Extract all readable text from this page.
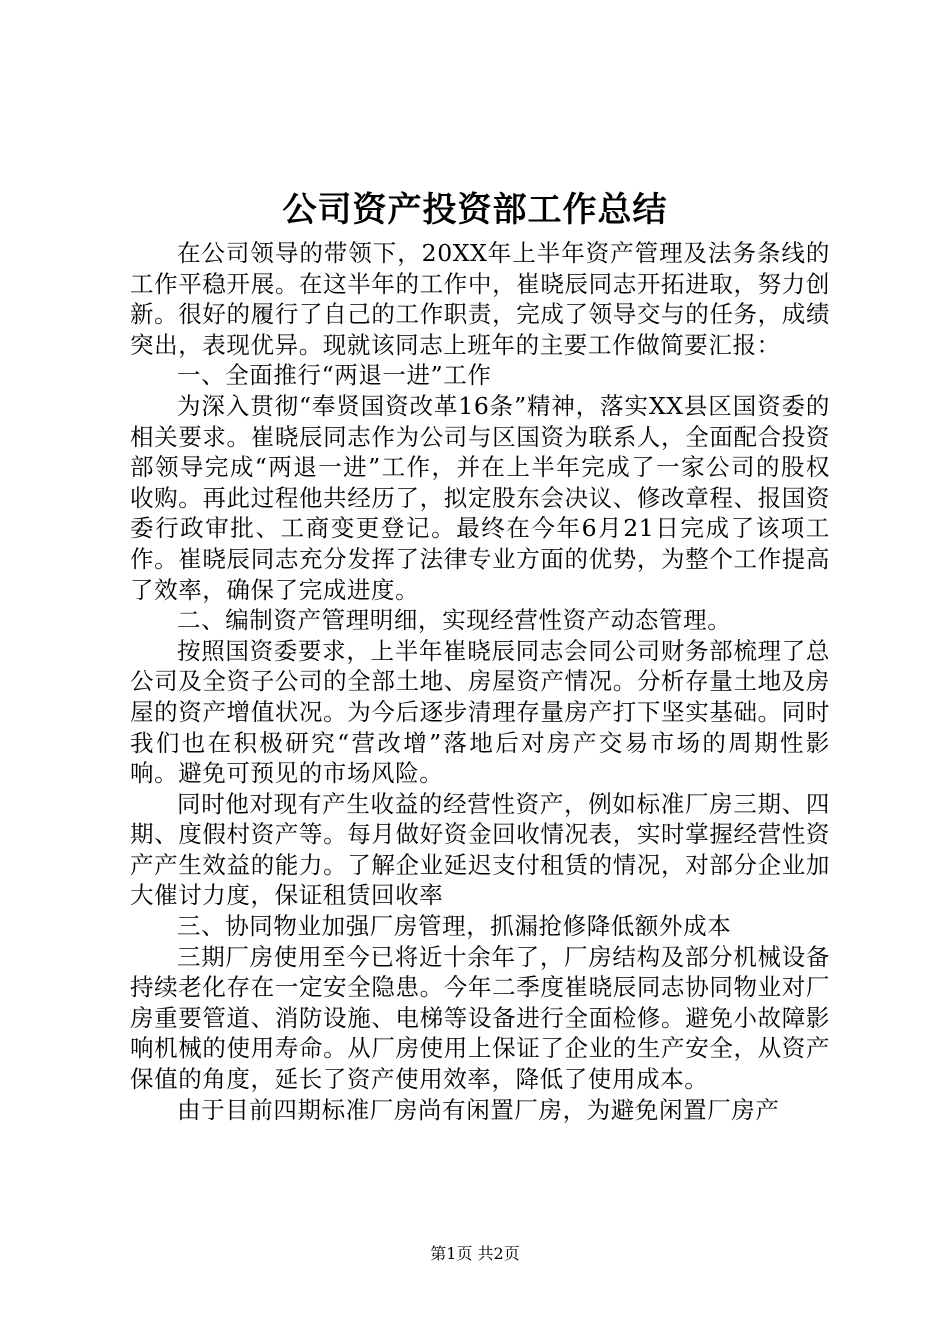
公司资产投资部工作总结

在公司领导的带领下，20XX年上半年资产管理及法务条线的工作平稳开展。在这半年的工作中，崔晓辰同志开拓进取，努力创新。很好的履行了自己的工作职责，完成了领导交与的任务，成绩突出，表现优异。现就该同志上班年的主要工作做简要汇报：

一、全面推行“两退一进”工作

为深入贯彻“奉贤国资改革16条”精神，落实XX县区国资委的相关要求。崔晓辰同志作为公司与区国资为联系人，全面配合投资部领导完成“两退一进”工作，并在上半年完成了一家公司的股权收购。再此过程他共经历了，拟定股东会决议、修改章程、报国资委行政审批、工商变更登记。最终在今年6月21日完成了该项工作。崔晓辰同志充分发挥了法律专业方面的优势，为整个工作提高了效率，确保了完成进度。

二、编制资产管理明细，实现经营性资产动态管理。

按照国资委要求，上半年崔晓辰同志会同公司财务部梳理了总公司及全资子公司的全部土地、房屋资产情况。分析存量土地及房屋的资产增值状况。为今后逐步清理存量房产打下坚实基础。同时我们也在积极研究“营改增”落地后对房产交易市场的周期性影响。避免可预见的市场风险。

同时他对现有产生收益的经营性资产，例如标准厂房三期、四期、度假村资产等。每月做好资金回收情况表，实时掌握经营性资产产生效益的能力。了解企业延迟支付租赁的情况，对部分企业加大催讨力度，保证租赁回收率

三、协同物业加强厂房管理，抓漏抢修降低额外成本

三期厂房使用至今已将近十余年了，厂房结构及部分机械设备持续老化存在一定安全隐患。今年二季度崔晓辰同志协同物业对厂房重要管道、消防设施、电梯等设备进行全面检修。避免小故障影响机械的使用寿命。从厂房使用上保证了企业的生产安全，从资产保值的角度，延长了资产使用效率，降低了使用成本。

由于目前四期标准厂房尚有闲置厂房，为避免闲置厂房产

第1页 共2页
